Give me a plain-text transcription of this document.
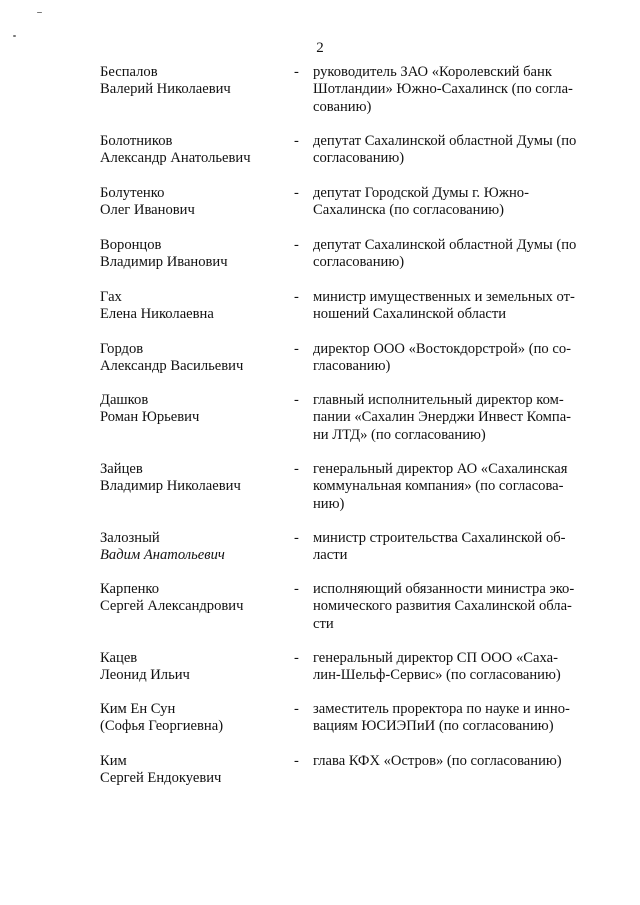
2
Беспалов
Валерий Николаевич
- руководитель ЗАО «Королевский банк
Шотландии» Южно-Сахалинск (по согла-
сованию)
Болотников
Александр Анатольевич
- депутат Сахалинской областной Думы (по
согласованию)
Болутенко
Олег Иванович
- депутат Городской Думы г. Южно-
Сахалинска (по согласованию)
Воронцов
Владимир Иванович
- депутат Сахалинской областной Думы (по
согласованию)
Гах
Елена Николаевна
- министр имущественных и земельных от-
ношений Сахалинской области
Гордов
Александр Васильевич
- директор ООО «Востокдорстрой» (по со-
гласованию)
Дашков
Роман Юрьевич
- главный исполнительный директор ком-
пании «Сахалин Энерджи Инвест Компа-
ни ЛТД» (по согласованию)
Зайцев
Владимир Николаевич
- генеральный директор АО «Сахалинская
коммунальная компания» (по согласова-
нию)
Залозный
Вадим Анатольевич
- министр строительства Сахалинской об-
ласти
Карпенко
Сергей Александрович
- исполняющий обязанности министра эко-
номического развития Сахалинской обла-
сти
Кацев
Леонид Ильич
- генеральный директор СП ООО «Саха-
лин-Шельф-Сервис» (по согласованию)
Ким Ен Сун
(Софья Георгиевна)
- заместитель проректора по науке и инно-
вациям ЮСИЭПиИ (по согласованию)
Ким
Сергей Ендокуевич
- глава КФХ «Остров» (по согласованию)
